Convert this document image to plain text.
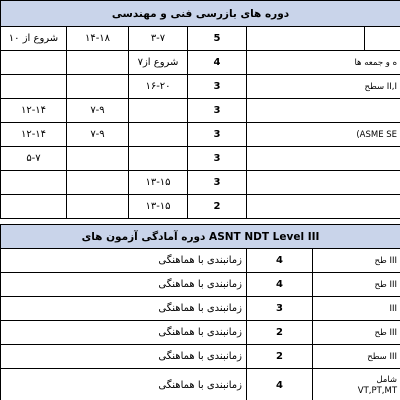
دوره های بازرسی فنی و مهندسی					
شروع از ۱۰	۱۴-۱۸	۳-۷	5		
		شروع از۷	4	ه و جمعه ها	
		۱۶-۲۰	3	سطح II,I	
۱۲-۱۴	۷-۹		3		
۱۲-۱۴	۷-۹		3	(ASME SE	
۵-۷			3		
		۱۳-۱۵	3		
		۱۳-۱۵	2		
دوره آمادگی آزمون های ASNT NDT Level III		
زمانبندی با هماهنگی	4	طح III
زمانبندی با هماهنگی	4	طح III
زمانبندی با هماهنگی	3	III
زمانبندی با هماهنگی	2	طح III
زمانبندی با هماهنگی	2	سطح III
زمانبندی با هماهنگی	4	شامل
VT,PT,MT
